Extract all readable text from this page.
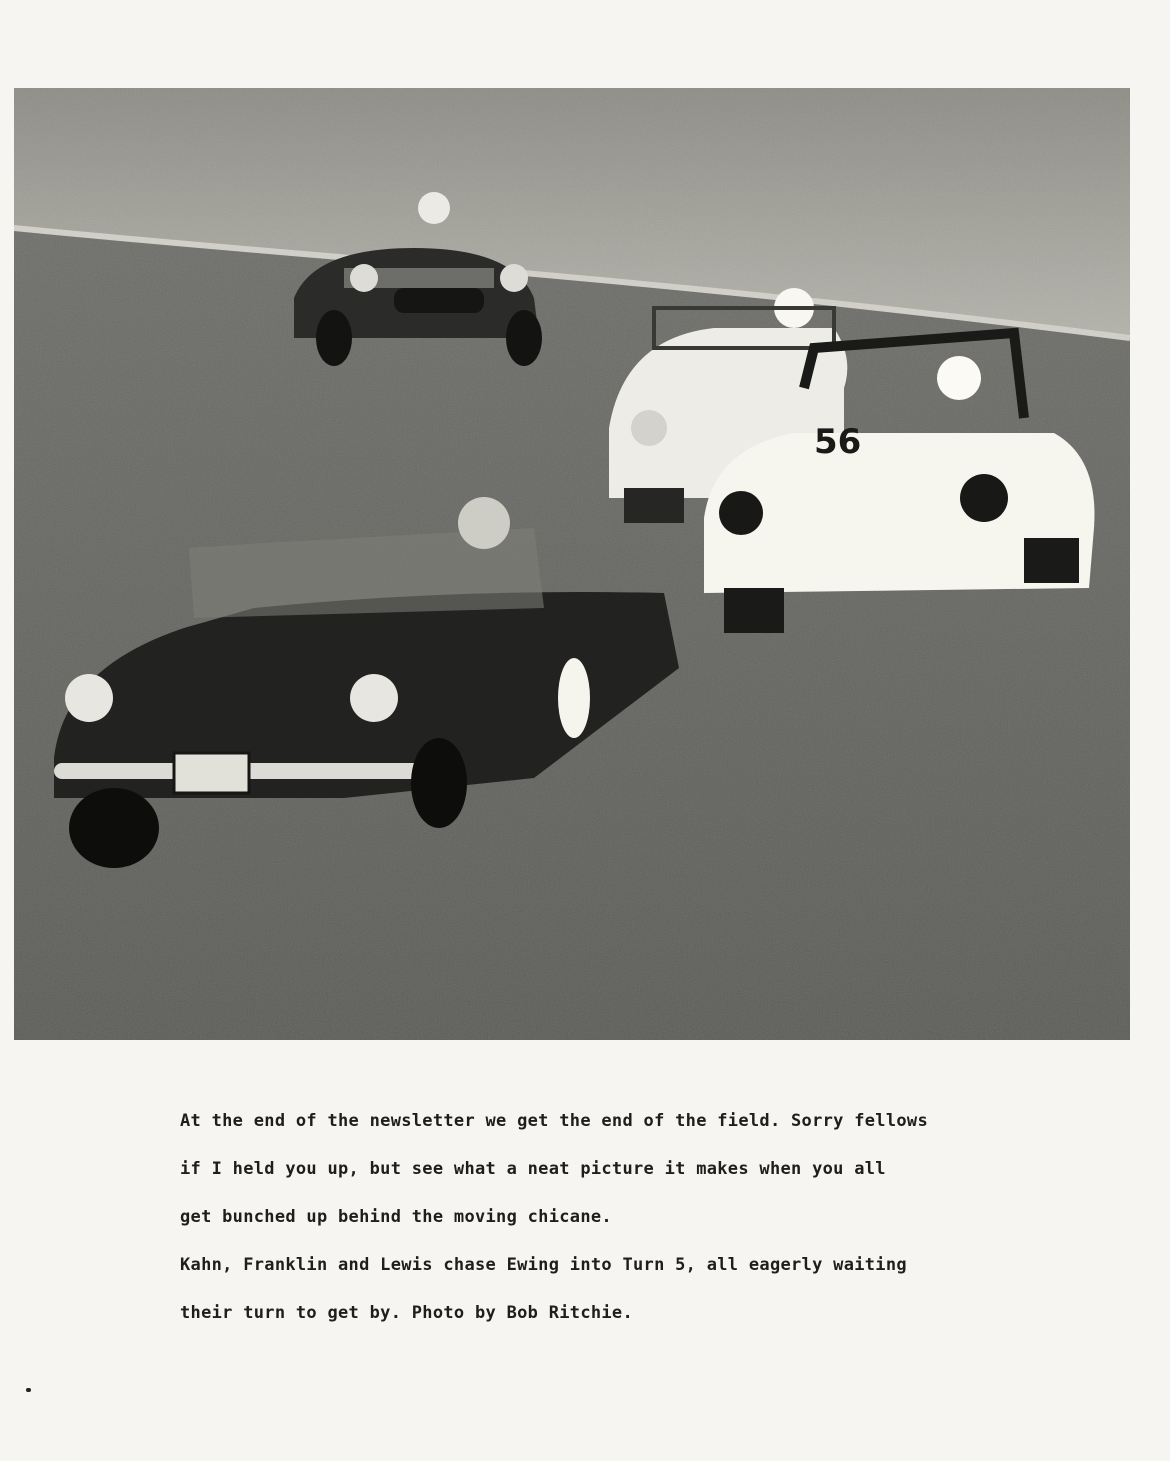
56

At the end of the newsletter we get the end of the field. Sorry fellows

if I held you up, but see what a neat picture it makes when you all

get bunched up behind the moving chicane.

Kahn, Franklin and Lewis chase Ewing into Turn 5, all eagerly waiting

their turn to get by. Photo by Bob Ritchie.
